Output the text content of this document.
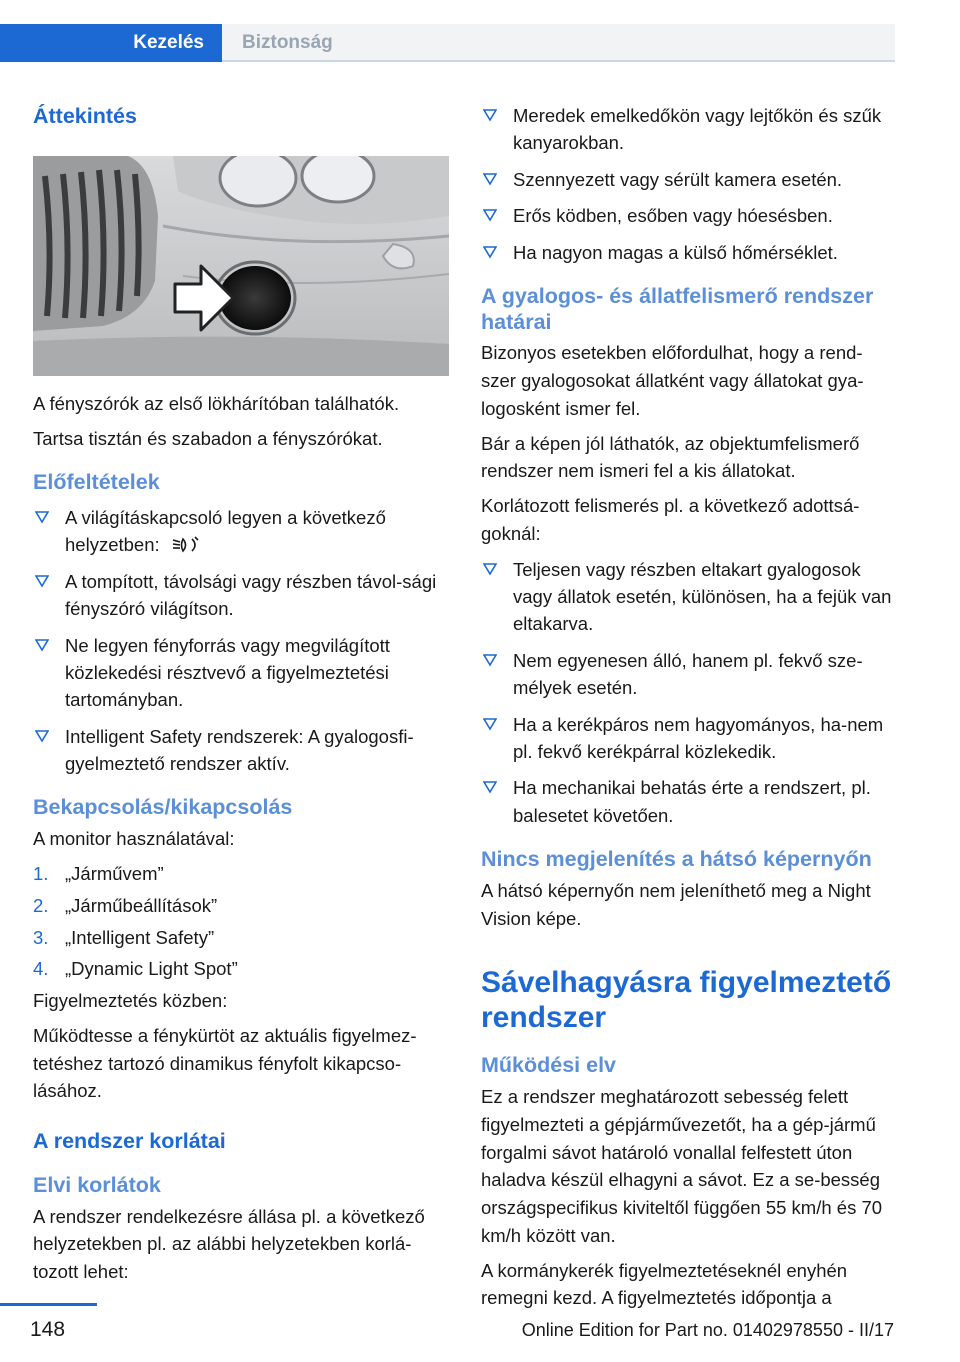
Kezelés	Biztonság
Áttekintés

A fényszórók az első lökhárítóban találhatók.

Tartsa tisztán és szabadon a fényszórókat.

Előfeltételek
A világításkapcsoló legyen a következő helyzetben:
A tompított, távolsági vagy részben távol‐sági fényszóró világítson.
Ne legyen fényforrás vagy megvilágított közlekedési résztvevő a figyelmeztetési tartományban.
Intelligent Safety rendszerek: A gyalogosfi‐gyelmeztető rendszer aktív.
Bekapcsolás/kikapcsolás

A monitor használatával:

1. „Járművem”
2. „Járműbeállítások”
3. „Intelligent Safety”
4. „Dynamic Light Spot”

Figyelmeztetés közben:

Működtesse a fénykürtöt az aktuális figyelmez‐tetéshez tartozó dinamikus fényfolt kikapcso‐lásához.

A rendszer korlátai
Elvi korlátok

A rendszer rendelkezésre állása pl. a következő helyzetekben pl. az alábbi helyzetekben korlá‐tozott lehet:

Meredek emelkedőkön vagy lejtőkön és szűk kanyarokban.
Szennyezett vagy sérült kamera esetén.
Erős ködben, esőben vagy hóesésben.
Ha nagyon magas a külső hőmérséklet.
A gyalogos- és állatfelismerő rendszer határai

Bizonyos esetekben előfordulhat, hogy a rend‐szer gyalogosokat állatként vagy állatokat gya‐logosként ismer fel.

Bár a képen jól láthatók, az objektumfelismerő rendszer nem ismeri fel a kis állatokat.

Korlátozott felismerés pl. a következő adottsá‐goknál:

Teljesen vagy részben eltakart gyalogosok vagy állatok esetén, különösen, ha a fejük van eltakarva.
Nem egyenesen álló, hanem pl. fekvő sze‐mélyek esetén.
Ha a kerékpáros nem hagyományos, ha‐nem pl. fekvő kerékpárral közlekedik.
Ha mechanikai behatás érte a rendszert, pl. balesetet követően.
Nincs megjelenítés a hátsó képernyőn

A hátsó képernyőn nem jeleníthető meg a Night Vision képe.

Sávelhagyásra figyelmeztető rendszer
Működési elv

Ez a rendszer meghatározott sebesség felett figyelmezteti a gépjárművezetőt, ha a gép‐jármű forgalmi sávot határoló vonallal felfestett úton haladva készül elhagyni a sávot. Ez a se‐besség országspecifikus kiviteltől függően 55 km/h és 70 km/h között van.

A kormánykerék figyelmeztetéseknél enyhén remegni kezd. A figyelmeztetés időpontja a

148	Online Edition for Part no. 01402978550 - II/17
